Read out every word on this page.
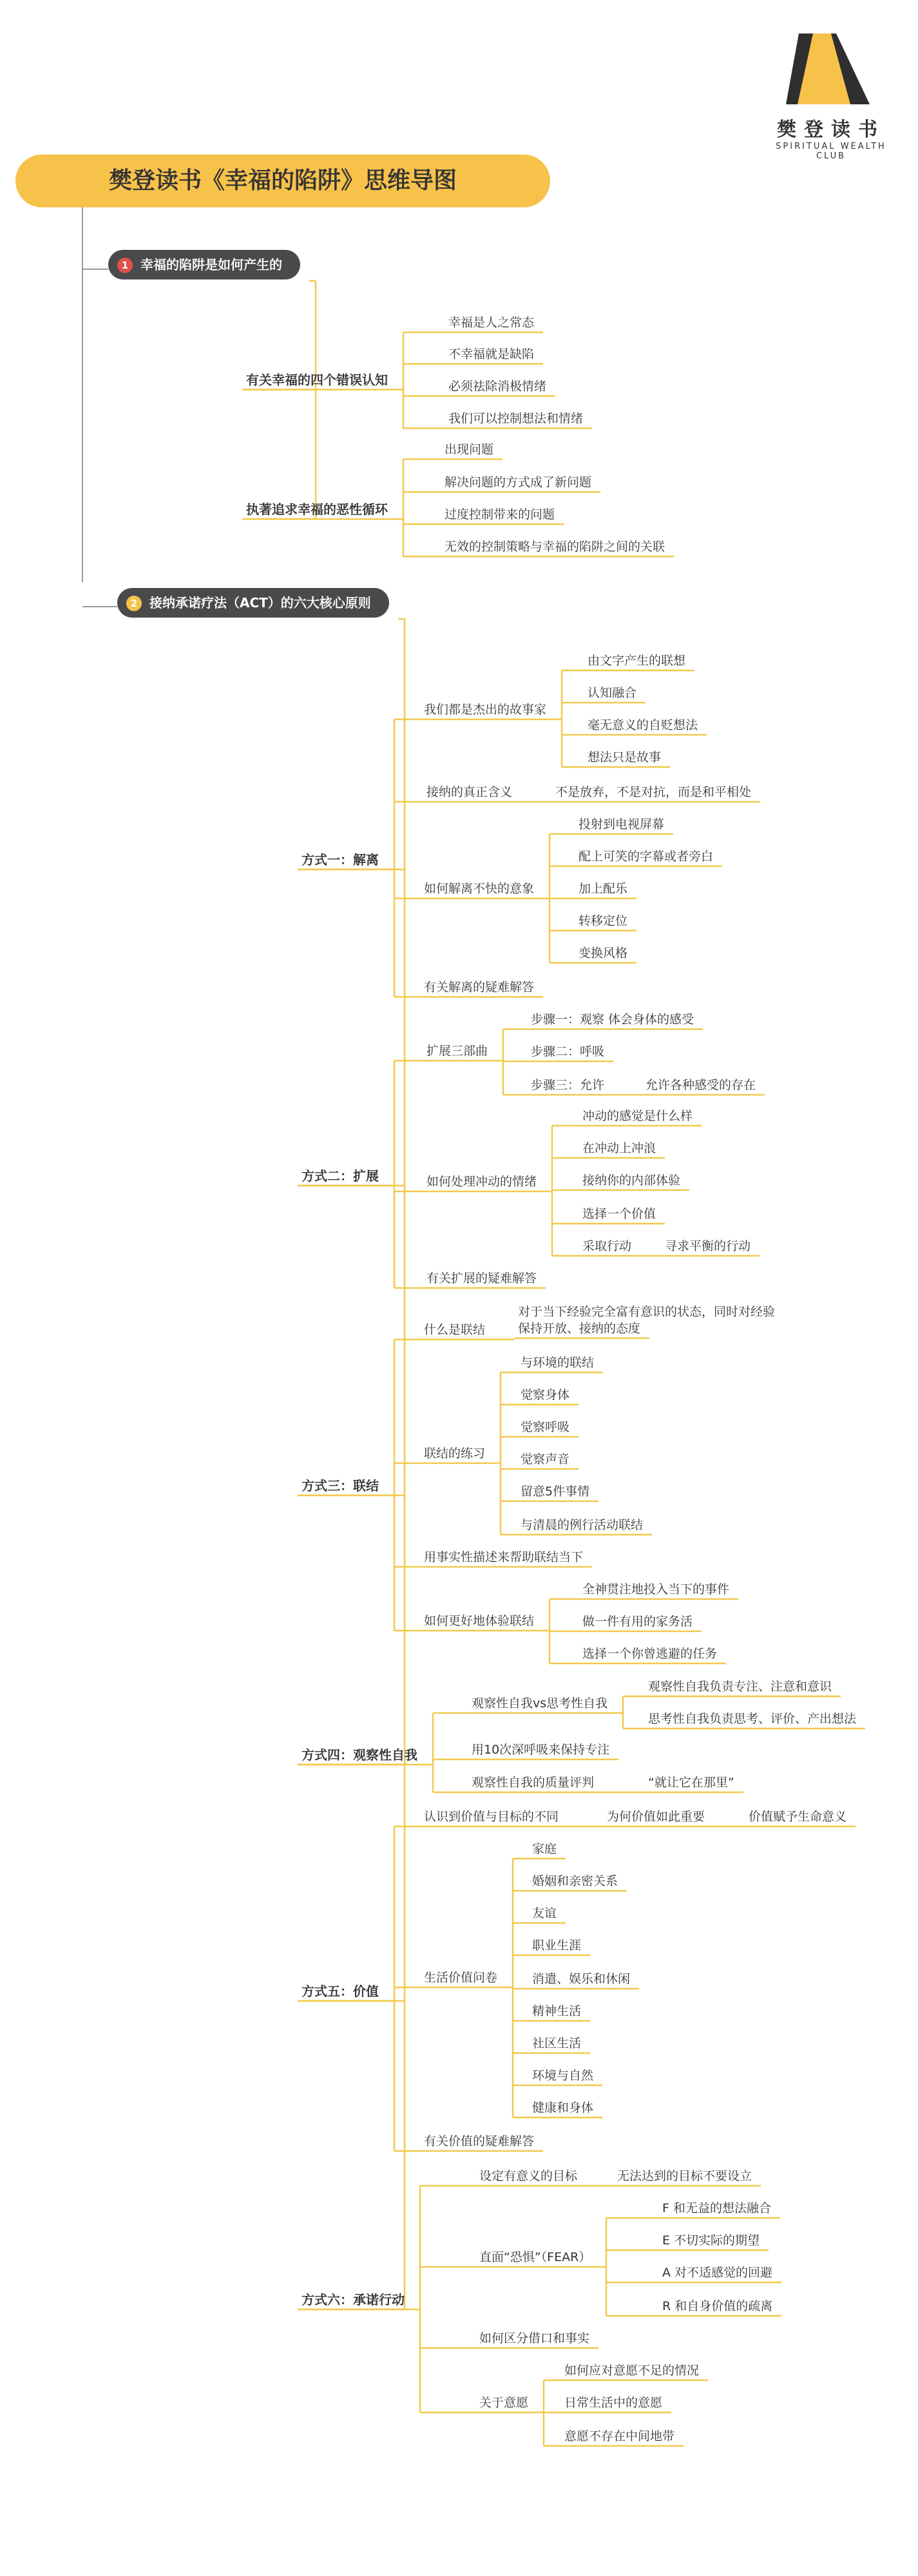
樊登读书
SPIRITUAL WEALTH CLUB
樊登读书《幸福的陷阱》思维导图
1 幸福的陷阱是如何产生的
有关幸福的四个错误认知
幸福是人之常态
不幸福就是缺陷
必须祛除消极情绪
我们可以控制想法和情绪
执著追求幸福的恶性循环
出现问题
解决问题的方式成了新问题
过度控制带来的问题
无效的控制策略与幸福的陷阱之间的关联
2 接纳承诺疗法（ACT）的六大核心原则
方式一：解离
我们都是杰出的故事家
由文字产生的联想
认知融合
毫无意义的自贬想法
想法只是故事
接纳的真正含义	不是放弃，不是对抗，而是和平相处
如何解离不快的意象
投射到电视屏幕
配上可笑的字幕或者旁白
加上配乐
转移定位
变换风格
有关解离的疑难解答
方式二：扩展
扩展三部曲
步骤一：观察 体会身体的感受
步骤二：呼吸
步骤三：允许	允许各种感受的存在
如何处理冲动的情绪
冲动的感觉是什么样
在冲动上冲浪
接纳你的内部体验
选择一个价值
采取行动	寻求平衡的行动
有关扩展的疑难解答
方式三：联结
什么是联结
对于当下经验完全富有意识的状态，同时对经验
保持开放、接纳的态度
联结的练习
与环境的联结
觉察身体
觉察呼吸
觉察声音
留意5件事情
与清晨的例行活动联结
用事实性描述来帮助联结当下
如何更好地体验联结
全神贯注地投入当下的事件
做一件有用的家务活
选择一个你曾逃避的任务
方式四：观察性自我
观察性自我vs思考性自我
观察性自我负责专注、注意和意识
思考性自我负责思考、评价、产出想法
用10次深呼吸来保持专注
观察性自我的质量评判	“就让它在那里”
方式五：价值
认识到价值与目标的不同	为何价值如此重要	价值赋予生命意义
生活价值问卷
家庭
婚姻和亲密关系
友谊
职业生涯
消遣、娱乐和休闲
精神生活
社区生活
环境与自然
健康和身体
有关价值的疑难解答
方式六：承诺行动
设定有意义的目标	无法达到的目标不要设立
直面“恐惧”（FEAR）
F 和无益的想法融合
E 不切实际的期望
A 对不适感觉的回避
R 和自身价值的疏离
如何区分借口和事实
关于意愿
如何应对意愿不足的情况
日常生活中的意愿
意愿不存在中间地带
